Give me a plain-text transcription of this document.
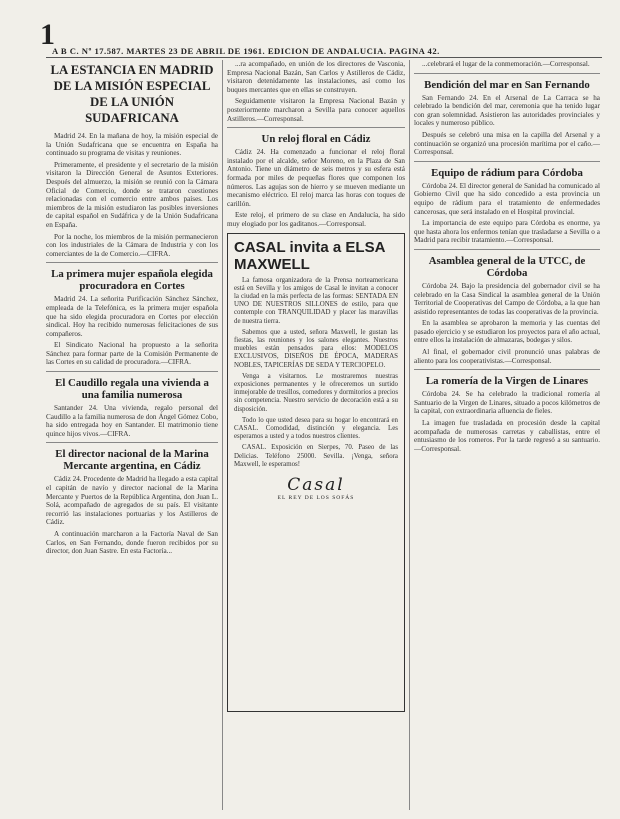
1
A B C. Nº 17.587. MARTES 23 DE ABRIL DE 1961. EDICION DE ANDALUCIA. PAGINA 42.
LA ESTANCIA EN MADRID DE LA MISIÓN ESPECIAL DE LA UNIÓN SUDAFRICANA

Madrid 24. En la mañana de hoy, la misión especial de la Unión Sudafricana que se encuentra en España ha continuado su programa de visitas y reuniones.

Primeramente, el presidente y el secretario de la misión visitaron la Dirección General de Asuntos Exteriores. Después del almuerzo, la misión se reunió con la Cámara Oficial de Comercio, donde se trataron cuestiones relacionadas con el comercio entre ambos países. Los miembros de la misión estudiaron las posibles inversiones de capital español en Sudáfrica y de la Unión Sudafricana en España.

Por la noche, los miembros de la misión permanecieron con los industriales de la Cámara de Industria y con los comerciantes de la de Comercio.—CIFRA.

La primera mujer española elegida procuradora en Cortes

Madrid 24. La señorita Purificación Sánchez Sánchez, empleada de la Telefónica, es la primera mujer española que ha sido elegida procuradora en Cortes por elección sindical. Hoy ha recibido numerosas felicitaciones de sus compañeros.

El Sindicato Nacional ha propuesto a la señorita Sánchez para formar parte de la Comisión Permanente de las Cortes en su calidad de procuradora.—CIFRA.

El Caudillo regala una vivienda a una familia numerosa

Santander 24. Una vivienda, regalo personal del Caudillo a la familia numerosa de don Ángel Gómez Cobo, ha sido entregada hoy en Santander. El matrimonio tiene quince hijos vivos.—CIFRA.

El director nacional de la Marina Mercante argentina, en Cádiz

Cádiz 24. Procedente de Madrid ha llegado a esta capital el capitán de navío y director nacional de la Marina Mercante y Puertos de la República Argentina, don Juan L. Solá, acompañado de agregados de su país. El visitante recorrió las instalaciones portuarias y los Astilleros de Cádiz.

A continuación marcharon a la Factoría Naval de San Carlos, en San Fernando, donde fueron recibidos por su director, don Juan Sastre. En esta Factoría...

...ra acompañado, en unión de los directores de Vasconia, Empresa Nacional Bazán, San Carlos y Astilleros de Cádiz, visitaron detenidamente las instalaciones, así como los buques mercantes que en ellas se construyen.

Seguidamente visitaron la Empresa Nacional Bazán y posteriormente marcharon a Sevilla para conocer aquellos Astilleros.—Corresponsal.

Un reloj floral en Cádiz

Cádiz 24. Ha comenzado a funcionar el reloj floral instalado por el alcalde, señor Moreno, en la Plaza de San Antonio. Tiene un diámetro de seis metros y su esfera está formada por miles de pequeñas flores que componen los números. Las agujas son de hierro y se mueven mediante un mecanismo eléctrico. El reloj marca las horas con toques de carillón.

Este reloj, el primero de su clase en Andalucía, ha sido muy elogiado por los gaditanos.—Corresponsal.

CASAL invita a ELSA MAXWELL

La famosa organizadora de la Prensa norteamericana está en Sevilla y los amigos de Casal le invitan a conocer la ciudad en la más perfecta de las formas: SENTADA EN UNO DE NUESTROS SILLONES de estilo, para que contemple con TRANQUILIDAD y placer las maravillas de nuestra tierra.

Sabemos que a usted, señora Maxwell, le gustan las fiestas, las reuniones y los salones elegantes. Nuestros muebles están pensados para ellos: MODELOS EXCLUSIVOS, DISEÑOS DE ÉPOCA, MADERAS NOBLES, TAPICERÍAS DE SEDA Y TERCIOPELO.

Venga a visitarnos. Le mostraremos nuestras exposiciones permanentes y le ofreceremos un surtido inmejorable de tresillos, comedores y dormitorios a precios sin competencia. Nuestro servicio de decoración está a su disposición.

Todo lo que usted desea para su hogar lo encontrará en CASAL. Comodidad, distinción y elegancia. Les esperamos a usted y a todos nuestros clientes.

CASAL. Exposición en Sierpes, 70. Paseo de las Delicias. Teléfono 25000. Sevilla. ¡Venga, señora Maxwell, le esperamos!

Casal
EL REY DE LOS SOFÁS

...celebrará el lugar de la conmemoración.—Corresponsal.

Bendición del mar en San Fernando

San Fernando 24. En el Arsenal de La Carraca se ha celebrado la bendición del mar, ceremonia que ha tenido lugar con gran solemnidad. Asistieron las autoridades provinciales y locales y numeroso público.

Después se celebró una misa en la capilla del Arsenal y a continuación se organizó una procesión marítima por el caño.—Corresponsal.

Equipo de rádium para Córdoba

Córdoba 24. El director general de Sanidad ha comunicado al Gobierno Civil que ha sido concedido a esta provincia un equipo de rádium para el tratamiento de enfermedades cancerosas, que será instalado en el Hospital provincial.

La importancia de este equipo para Córdoba es enorme, ya que hasta ahora los enfermos tenían que trasladarse a Sevilla o a Madrid para recibir tratamiento.—Corresponsal.

Asamblea general de la UTCC, de Córdoba

Córdoba 24. Bajo la presidencia del gobernador civil se ha celebrado en la Casa Sindical la asamblea general de la Unión Territorial de Cooperativas del Campo de Córdoba, a la que han asistido representantes de todas las cooperativas de la provincia.

En la asamblea se aprobaron la memoria y las cuentas del pasado ejercicio y se estudiaron los proyectos para el año actual, entre ellos la instalación de almazaras, bodegas y silos.

Al final, el gobernador civil pronunció unas palabras de aliento para los cooperativistas.—Corresponsal.

La romería de la Virgen de Linares

Córdoba 24. Se ha celebrado la tradicional romería al Santuario de la Virgen de Linares, situado a pocos kilómetros de la capital, con extraordinaria afluencia de fieles.

La imagen fue trasladada en procesión desde la capital acompañada de numerosas carretas y caballistas, entre el entusiasmo de los romeros. Por la tarde regresó a su santuario.—Corresponsal.
